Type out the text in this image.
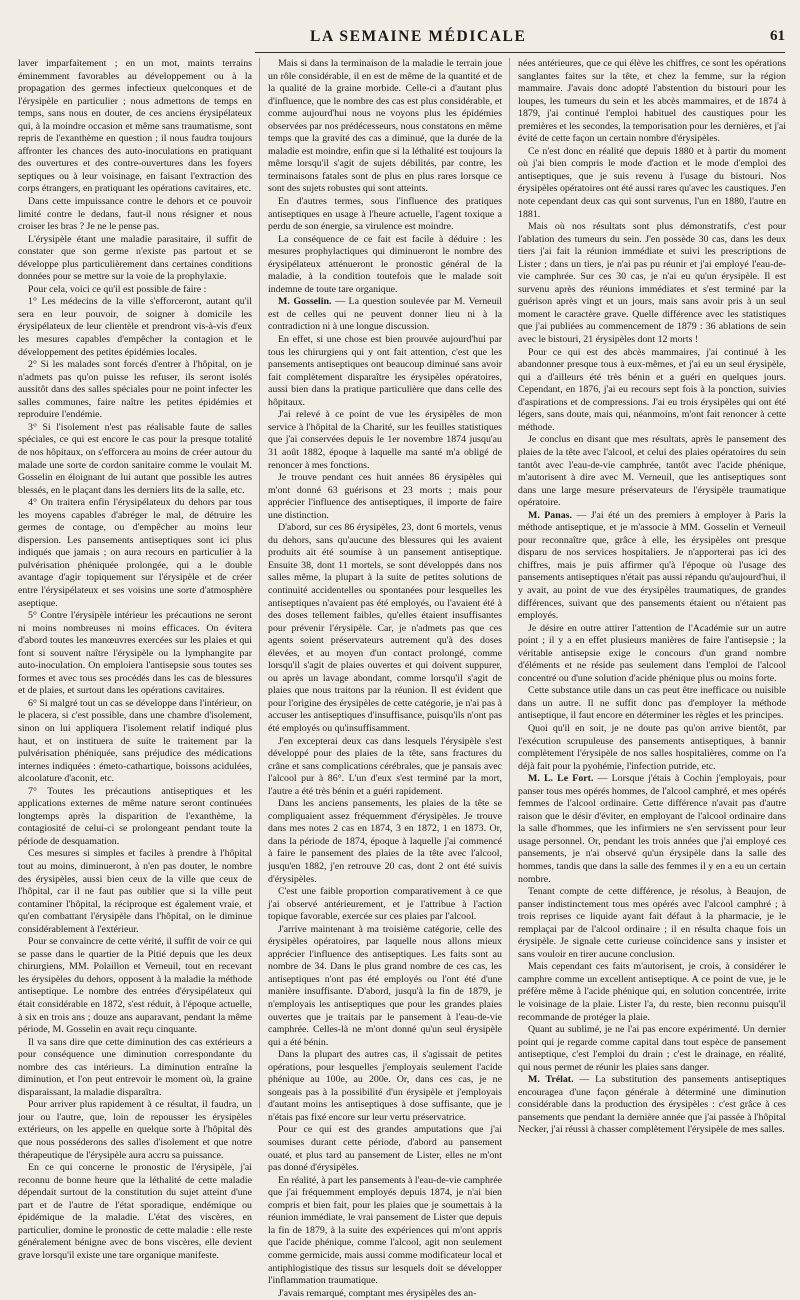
LA SEMAINE MÉDICALE	61

laver imparfaitement ; en un mot, maints terrains éminemment favorables au développement ou à la propagation des germes infectieux quelconques et de l'érysipèle en particulier ; nous admettons de temps en temps, sans nous en douter, de ces anciens érysipélateux qui, à la moindre occasion et même sans traumatisme, sont repris de l'exanthème en question ; il nous faudra toujours affronter les chances des auto-inoculations en pratiquant des ouvertures et des contre-ouvertures dans les foyers septiques ou à leur voisinage, en faisant l'extraction des corps étrangers, en pratiquant les opérations cavitaires, etc.

Dans cette impuissance contre le dehors et ce pouvoir limité contre le dedans, faut-il nous résigner et nous croiser les bras ? Je ne le pense pas.

L'érysipèle étant une maladie parasitaire, il suffit de constater que son germe n'existe pas partout et se développe plus particulièrement dans certaines conditions données pour se mettre sur la voie de la prophylaxie.

Pour cela, voici ce qu'il est possible de faire :

1° Les médecins de la ville s'efforceront, autant qu'il sera en leur pouvoir, de soigner à domicile les érysipélateux de leur clientèle et prendront vis-à-vis d'eux les mesures capables d'empêcher la contagion et le développement des petites épidémies locales.

2° Si les malades sont forcés d'entrer à l'hôpital, on je n'admets pas qu'on puisse les refuser, ils seront isolés aussitôt dans des salles spéciales pour ne point infecter les salles communes, faire naître les petites épidémies et reproduire l'endémie.

3° Si l'isolement n'est pas réalisable faute de salles spéciales, ce qui est encore le cas pour la presque totalité de nos hôpitaux, on s'efforcera au moins de créer autour du malade une sorte de cordon sanitaire comme le voulait M. Gosselin en éloignant de lui autant que possible les autres blessés, en le plaçant dans les derniers lits de la salle, etc.

4° On traitera enfin l'érysipélateux du dehors par tous les moyens capables d'abréger le mal, de détruire les germes de contage, ou d'empêcher au moins leur dispersion. Les pansements antiseptiques sont ici plus indiqués que jamais ; on aura recours en particulier à la pulvérisation phéniquée prolongée, qui a le double avantage d'agir topiquement sur l'érysipèle et de créer entre l'érysipélateux et ses voisins une sorte d'atmosphère aseptique.

5° Contre l'érysipèle intérieur les précautions ne seront ni moins nombreuses ni moins efficaces. On évitera d'abord toutes les manœuvres exercées sur les plaies et qui font si souvent naître l'érysipèle ou la lymphangite par auto-inoculation. On emploiera l'antisepsie sous toutes ses formes et avec tous ses procédés dans les cas de blessures et de plaies, et surtout dans les opérations cavitaires.

6° Si malgré tout un cas se développe dans l'intérieur, on le placera, si c'est possible, dans une chambre d'isolement, sinon on lui appliquera l'isolement relatif indiqué plus haut, et on instituera de suite le traitement par la pulvérisation phéniquée, sans préjudice des médications internes indiquées : émeto-cathartique, boissons acidulées, alcoolature d'aconit, etc.

7° Toutes les précautions antiseptiques et les applications externes de même nature seront continuées longtemps après la disparition de l'exanthème, la contagiosité de celui-ci se prolongeant pendant toute la période de desquamation.

Ces mesures si simples et faciles à prendre à l'hôpital tout au moins, diminueront, à n'en pas douter, le nombre des érysipèles, aussi bien ceux de la ville que ceux de l'hôpital, car il ne faut pas oublier que si la ville peut contaminer l'hôpital, la réciproque est également vraie, et qu'en combattant l'érysipèle dans l'hôpital, on le diminue considérablement à l'extérieur.

Pour se convaincre de cette vérité, il suffit de voir ce qui se passe dans le quartier de la Pitié depuis que les deux chirurgiens, MM. Polaillon et Verneuil, tout en recevant les érysipèles du dehors, opposent à la maladie la méthode antiseptique. Le nombre des entrées d'érysipélateux qui était considérable en 1872, s'est réduit, à l'époque actuelle, à six en trois ans ; douze ans auparavant, pendant la même période, M. Gosselin en avait reçu cinquante.

Il va sans dire que cette diminution des cas extérieurs a pour conséquence une diminution correspondante du nombre des cas intérieurs. La diminution entraîne la diminution, et l'on peut entrevoir le moment où, la graine disparaissant, la maladie disparaîtra.

Pour arriver plus rapidement à ce résultat, il faudra, un jour ou l'autre, que, loin de repousser les érysipèles extérieurs, on les appelle en quelque sorte à l'hôpital dès que nous posséderons des salles d'isolement et que notre thérapeutique de l'érysipèle aura accru sa puissance.

En ce qui concerne le pronostic de l'érysipèle, j'ai reconnu de bonne heure que la léthalité de cette maladie dépendait surtout de la constitution du sujet atteint d'une part et de l'autre de l'état sporadique, endémique ou épidémique de la maladie. L'état des viscères, en particulier, domine le pronostic de cette maladie : elle reste généralement bénigne avec de bons viscères, elle devient grave lorsqu'il existe une tare organique manifeste.

Mais si dans la terminaison de la maladie le terrain joue un rôle considérable, il en est de même de la quantité et de la qualité de la graine morbide. Celle-ci a d'autant plus d'influence, que le nombre des cas est plus considérable, et comme aujourd'hui nous ne voyons plus les épidémies observées par nos prédécesseurs, nous constatons en même temps que la gravité des cas a diminué, que la durée de la maladie est moindre, enfin que si la léthalité est toujours la même lorsqu'il s'agit de sujets débilités, par contre, les terminaisons fatales sont de plus en plus rares lorsque ce sont des sujets robustes qui sont atteints.

En d'autres termes, sous l'influence des pratiques antiseptiques en usage à l'heure actuelle, l'agent toxique a perdu de son énergie, sa virulence est moindre.

La conséquence de ce fait est facile à déduire : les mesures prophylactiques qui diminueront le nombre des érysipélateux atténueront le pronostic général de la maladie, à la condition toutefois que le malade soit indemne de toute tare organique.

M. Gosselin. — La question soulevée par M. Verneuil est de celles qui ne peuvent donner lieu ni à la contradiction ni à une longue discussion.

En effet, si une chose est bien prouvée aujourd'hui par tous les chirurgiens qui y ont fait attention, c'est que les pansements antiseptiques ont beaucoup diminué sans avoir fait complètement disparaître les érysipèles opératoires, aussi bien dans la pratique particulière que dans celle des hôpitaux.

J'ai relevé à ce point de vue les érysipèles de mon service à l'hôpital de la Charité, sur les feuilles statistiques que j'ai conservées depuis le 1er novembre 1874 jusqu'au 31 août 1882, époque à laquelle ma santé m'a obligé de renoncer à mes fonctions.

Je trouve pendant ces huit années 86 érysipèles qui m'ont donné 63 guérisons et 23 morts ; mais pour apprécier l'influence des antiseptiques, il importe de faire une distinction.

D'abord, sur ces 86 érysipèles, 23, dont 6 mortels, venus du dehors, sans qu'aucune des blessures qui les avaient produits ait été soumise à un pansement antiseptique. Ensuite 38, dont 11 mortels, se sont développés dans nos salles même, la plupart à la suite de petites solutions de continuité accidentelles ou spontanées pour lesquelles les antiseptiques n'avaient pas été employés, ou l'avaient été à des doses tellement faibles, qu'elles étaient insuffisantes pour prévenir l'érysipèle. Car, je n'admets pas que ces agents soient préservateurs autrement qu'à des doses élevées, et au moyen d'un contact prolongé, comme lorsqu'il s'agit de plaies ouvertes et qui doivent suppurer, ou après un lavage abondant, comme lorsqu'il s'agit de plaies que nous traitons par la réunion. Il est évident que pour l'origine des érysipèles de cette catégorie, je n'ai pas à accuser les antiseptiques d'insuffisance, puisqu'ils n'ont pas été employés ou qu'insuffisamment.

J'en excepterai deux cas dans lesquels l'érysipèle s'est développé pour des plaies de la tête, sans fractures du crâne et sans complications cérébrales, que je pansais avec l'alcool pur à 86°. L'un d'eux s'est terminé par la mort, l'autre a été très bénin et a guéri rapidement.

Dans les anciens pansements, les plaies de la tête se compliquaient assez fréquemment d'érysipèles. Je trouve dans mes notes 2 cas en 1874, 3 en 1872, 1 en 1873. Or, dans la période de 1874, époque à laquelle j'ai commencé à faire le pansement des plaies de la tête avec l'alcool, jusqu'en 1882, j'en retrouve 20 cas, dont 2 ont été suivis d'érysipèles.

C'est une faible proportion comparativement à ce que j'ai observé antérieurement, et je l'attribue à l'action topique favorable, exercée sur ces plaies par l'alcool.

J'arrive maintenant à ma troisième catégorie, celle des érysipèles opératoires, par laquelle nous allons mieux apprécier l'influence des antiseptiques. Les faits sont au nombre de 34. Dans le plus grand nombre de ces cas, les antiseptiques n'ont pas été employés ou l'ont été d'une manière insuffisante. D'abord, jusqu'à la fin de 1879, je n'employais les antiseptiques que pour les grandes plaies ouvertes que je traitais par le pansement à l'eau-de-vie camphrée. Celles-là ne m'ont donné qu'un seul érysipèle qui a été bénin.

Dans la plupart des autres cas, il s'agissait de petites opérations, pour lesquelles j'employais seulement l'acide phénique au 100e, au 200e. Or, dans ces cas, je ne songeais pas à la possibilité d'un érysipèle et j'employais d'autant moins les antiseptiques à dose suffisante, que je n'étais pas fixé encore sur leur vertu préservatrice.

Pour ce qui est des grandes amputations que j'ai soumises durant cette période, d'abord au pansement ouaté, et plus tard au pansement de Lister, elles ne m'ont pas donné d'érysipèles.

En réalité, à part les pansements à l'eau-de-vie camphrée que j'ai fréquemment employés depuis 1874, je n'ai bien compris et bien fait, pour les plaies que je soumettais à la réunion immédiate, le vrai pansement de Lister que depuis la fin de 1879, à la suite des expériences qui m'ont appris que l'acide phénique, comme l'alcool, agit non seulement comme germicide, mais aussi comme modificateur local et antiphlogistique des tissus sur lesquels doit se développer l'inflammation traumatique.

J'avais remarqué, comptant mes érysipèles des an-

nées antérieures, que ce qui élève les chiffres, ce sont les opérations sanglantes faites sur la tête, et chez la femme, sur la région mammaire. J'avais donc adopté l'abstention du bistouri pour les loupes, les tumeurs du sein et les abcès mammaires, et de 1874 à 1879, j'ai continué l'emploi habituel des caustiques pour les premières et les secondes, la temporisation pour les dernières, et j'ai évité de cette façon un certain nombre d'érysipèles.

Ce n'est donc en réalité que depuis 1880 et à partir du moment où j'ai bien compris le mode d'action et le mode d'emploi des antiseptiques, que je suis revenu à l'usage du bistouri. Nos érysipèles opératoires ont été aussi rares qu'avec les caustiques. J'en note cependant deux cas qui sont survenus, l'un en 1880, l'autre en 1881.

Mais où nos résultats sont plus démonstratifs, c'est pour l'ablation des tumeurs du sein. J'en possède 30 cas, dans les deux tiers j'ai fait la réunion immédiate et suivi les prescriptions de Lister ; dans un tiers, je n'ai pas pu réunir et j'ai employé l'eau-de-vie camphrée. Sur ces 30 cas, je n'ai eu qu'un érysipèle. Il est survenu après des réunions immédiates et s'est terminé par la guérison après vingt et un jours, mais sans avoir pris à un seul moment le caractère grave. Quelle différence avec les statistiques que j'ai publiées au commencement de 1879 : 36 ablations de sein avec le bistouri, 21 érysipèles dont 12 morts !

Pour ce qui est des abcès mammaires, j'ai continué à les abandonner presque tous à eux-mêmes, et j'ai eu un seul érysipèle, qui a d'ailleurs été très bénin et a guéri en quelques jours. Cependant, en 1876, j'ai eu recours sept fois à la ponction, suivies d'aspirations et de compressions. J'ai eu trois érysipèles qui ont été légers, sans doute, mais qui, néanmoins, m'ont fait renoncer à cette méthode.

Je conclus en disant que mes résultats, après le pansement des plaies de la tête avec l'alcool, et celui des plaies opératoires du sein tantôt avec l'eau-de-vie camphrée, tantôt avec l'acide phénique, m'autorisent à dire avec M. Verneuil, que les antiseptiques sont dans une large mesure préservateurs de l'érysipèle traumatique opératoire.

M. Panas. — J'ai été un des premiers à employer à Paris la méthode antiseptique, et je m'associe à MM. Gosselin et Verneuil pour reconnaître que, grâce à elle, les érysipèles ont presque disparu de nos services hospitaliers. Je n'apporterai pas ici des chiffres, mais je puis affirmer qu'à l'époque où l'usage des pansements antiseptiques n'était pas aussi répandu qu'aujourd'hui, il y avait, au point de vue des érysipèles traumatiques, de grandes différences, suivant que des pansements étaient ou n'étaient pas employés.

Je désire en outre attirer l'attention de l'Académie sur un autre point ; il y a en effet plusieurs manières de faire l'antisepsie ; la véritable antisepsie exige le concours d'un grand nombre d'éléments et ne réside pas seulement dans l'emploi de l'alcool concentré ou d'une solution d'acide phénique plus ou moins forte.

Cette substance utile dans un cas peut être inefficace ou nuisible dans un autre. Il ne suffit donc pas d'employer la méthode antiseptique, il faut encore en déterminer les règles et les principes.

Quoi qu'il en soit, je ne doute pas qu'on arrive bientôt, par l'exécution scrupuleuse des pansements antiseptiques, à bannir complètement l'érysipèle de nos salles hospitalières, comme on l'a déjà fait pour la pyohémie, l'infection putride, etc.

M. L. Le Fort. — Lorsque j'étais à Cochin j'employais, pour panser tous mes opérés hommes, de l'alcool camphré, et mes opérés femmes de l'alcool ordinaire. Cette différence n'avait pas d'autre raison que le désir d'éviter, en employant de l'alcool ordinaire dans la salle d'hommes, que les infirmiers ne s'en servissent pour leur usage personnel. Or, pendant les trois années que j'ai employé ces pansements, je n'ai observé qu'un érysipèle dans la salle des hommes, tandis que dans la salle des femmes il y en a eu un certain nombre.

Tenant compte de cette différence, je résolus, à Beaujon, de panser indistinctement tous mes opérés avec l'alcool camphré ; à trois reprises ce liquide ayant fait défaut à la pharmacie, je le remplaçai par de l'alcool ordinaire ; il en résulta chaque fois un érysipèle. Je signale cette curieuse coïncidence sans y insister et sans vouloir en tirer aucune conclusion.

Mais cependant ces faits m'autorisent, je crois, à considérer le camphre comme un excellent antiseptique. A ce point de vue, je le préfère même à l'acide phénique qui, en solution concentrée, irrite le voisinage de la plaie. Lister l'a, du reste, bien reconnu puisqu'il recommande de protéger la plaie.

Quant au sublimé, je ne l'ai pas encore expérimenté. Un dernier point qui je regarde comme capital dans tout espèce de pansement antiseptique, c'est l'emploi du drain ; c'est le drainage, en réalité, qui nous permet de réunir les plaies sans danger.

M. Trélat. — La substitution des pansements antiseptiques encouragea d'une façon générale à déterminé une diminution considérable dans la production des érysipèles : c'est grâce à ces pansements que pendant la dernière année que j'ai passée à l'hôpital Necker, j'ai réussi à chasser complètement l'érysipèle de mes salles.
